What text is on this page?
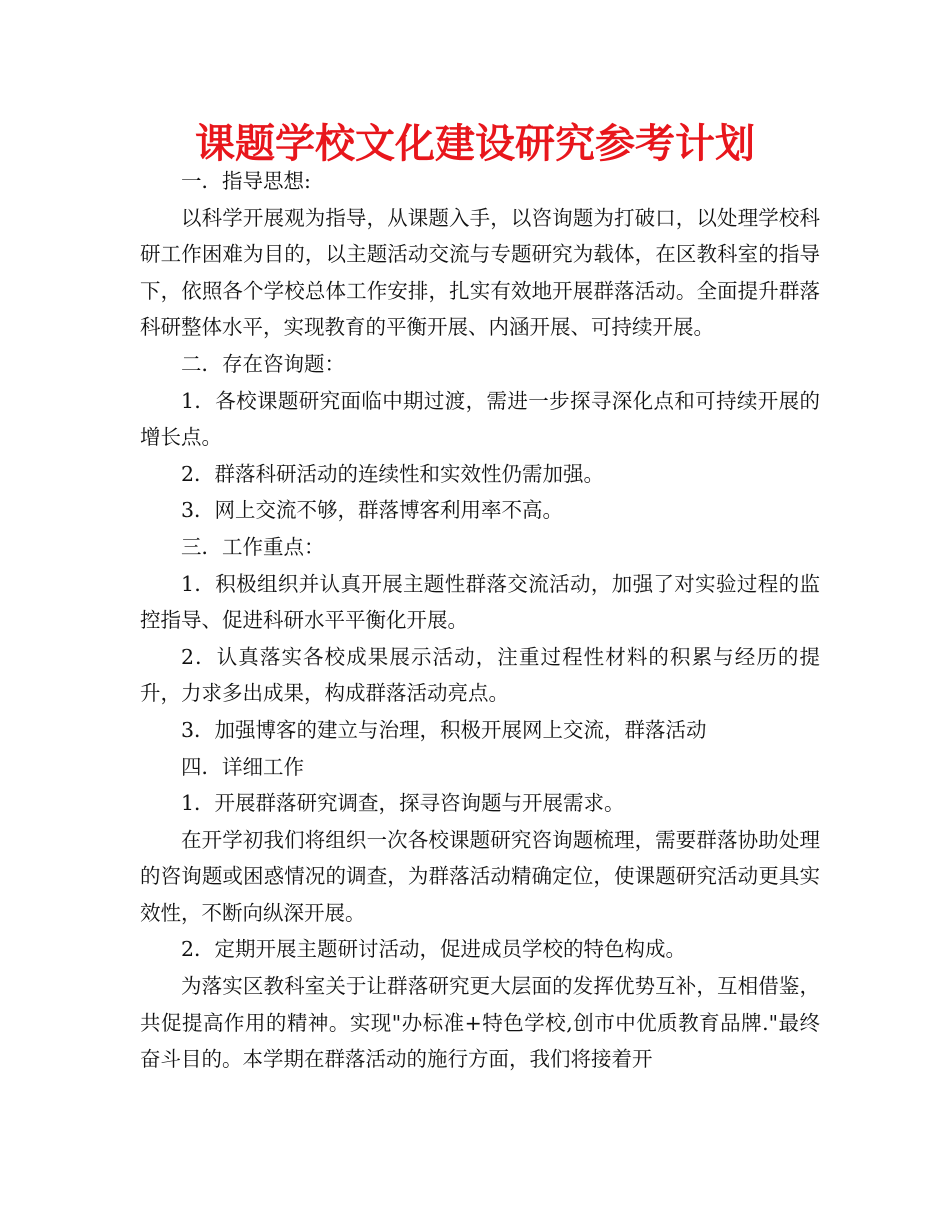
课题学校文化建设研究参考计划

一．指导思想:

以科学开展观为指导，从课题入手，以咨询题为打破口，以处理学校科研工作困难为目的，以主题活动交流与专题研究为载体，在区教科室的指导下，依照各个学校总体工作安排，扎实有效地开展群落活动。全面提升群落科研整体水平，实现教育的平衡开展、内涵开展、可持续开展。

二．存在咨询题：

1．各校课题研究面临中期过渡，需进一步探寻深化点和可持续开展的增长点。

2．群落科研活动的连续性和实效性仍需加强。

3．网上交流不够，群落博客利用率不高。

三．工作重点：

1．积极组织并认真开展主题性群落交流活动，加强了对实验过程的监控指导、促进科研水平平衡化开展。

2．认真落实各校成果展示活动，注重过程性材料的积累与经历的提升，力求多出成果，构成群落活动亮点。

3．加强博客的建立与治理，积极开展网上交流，群落活动

四．详细工作

1．开展群落研究调查，探寻咨询题与开展需求。

在开学初我们将组织一次各校课题研究咨询题梳理，需要群落协助处理的咨询题或困惑情况的调查，为群落活动精确定位，使课题研究活动更具实效性，不断向纵深开展。

2．定期开展主题研讨活动，促进成员学校的特色构成。

为落实区教科室关于让群落研究更大层面的发挥优势互补，互相借鉴，共促提高作用的精神。实现"办标准+特色学校,创市中优质教育品牌."最终奋斗目的。本学期在群落活动的施行方面，我们将接着开
